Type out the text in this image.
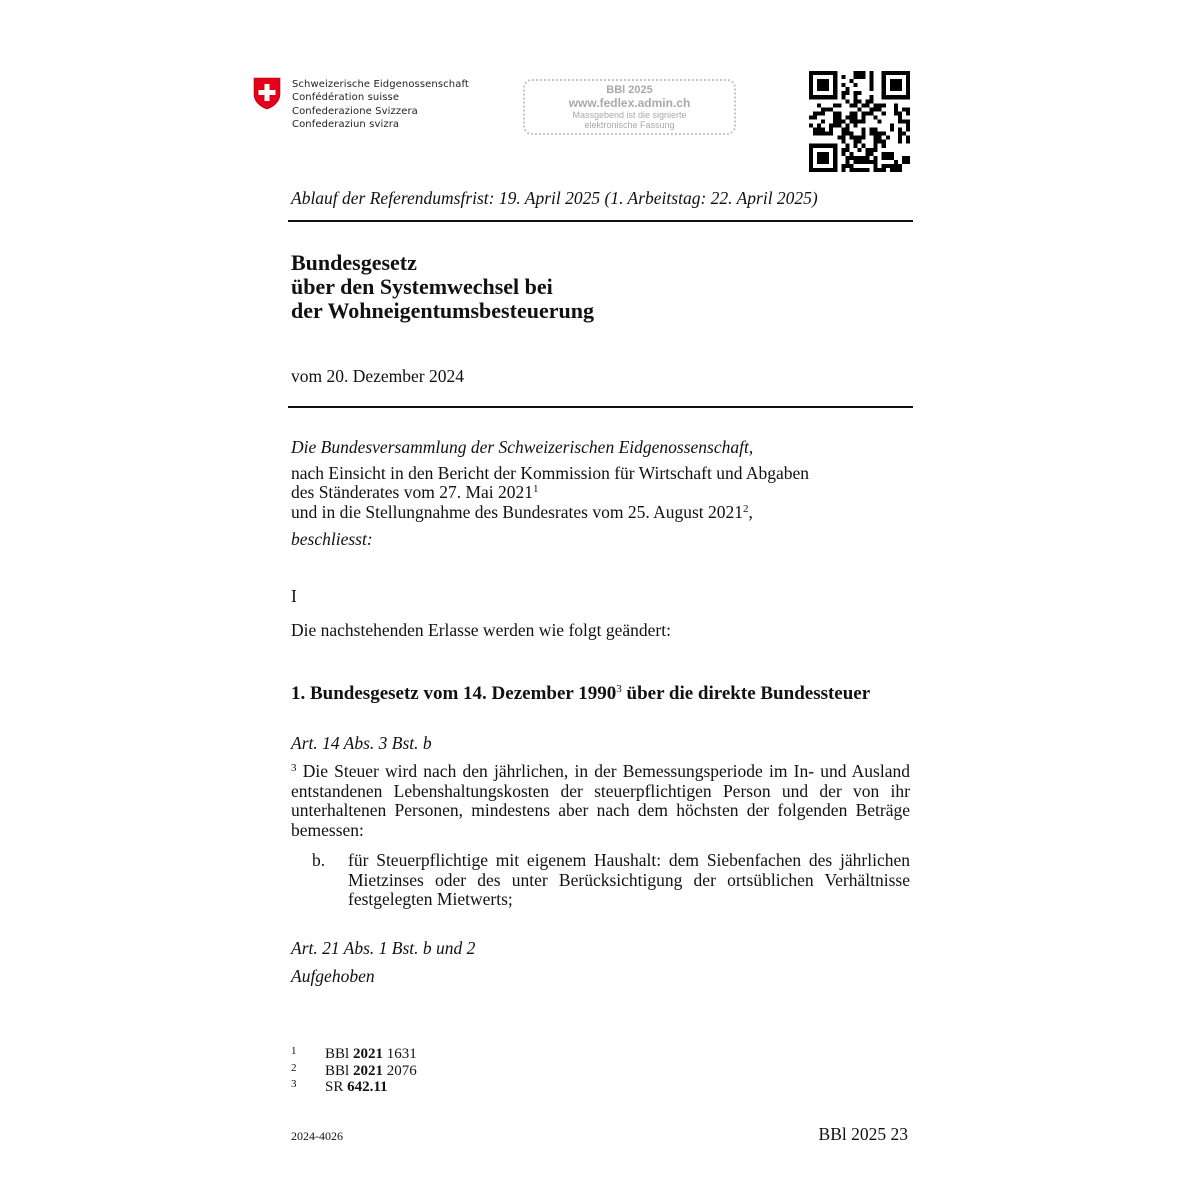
Schweizerische Eidgenossenschaft
Confédération suisse
Confederazione Svizzera
Confederaziun svizra
BBl 2025
www.fedlex.admin.ch
Massgebend ist die signierte
elektronische Fassung
Ablauf der Referendumsfrist: 19. April 2025 (1. Arbeitstag: 22. April 2025)
Bundesgesetz
über den Systemwechsel bei
der Wohneigentumsbesteuerung
vom 20. Dezember 2024
Die Bundesversammlung der Schweizerischen Eidgenossenschaft,
nach Einsicht in den Bericht der Kommission für Wirtschaft und Abgaben
des Ständerates vom 27. Mai 2021$^1$
und in die Stellungnahme des Bundesrates vom 25. August 2021$^2$,
beschliesst:
I
Die nachstehenden Erlasse werden wie folgt geändert:
1. Bundesgesetz vom 14. Dezember 1990$^3$ über die direkte Bundessteuer
Art. 14 Abs. 3 Bst. b
$^3$ Die Steuer wird nach den jährlichen, in der Bemessungsperiode im In- und Ausland entstandenen Lebenshaltungskosten der steuerpflichtigen Person und der von ihr unterhaltenen Personen, mindestens aber nach dem höchsten der folgenden Beträge bemessen:
b. für Steuerpflichtige mit eigenem Haushalt: dem Siebenfachen des jährlichen Mietzinses oder des unter Berücksichtigung der ortsüblichen Verhältnisse festgelegten Mietwerts;
Art. 21 Abs. 1 Bst. b und 2
Aufgehoben
1 BBl 2021 1631
2 BBl 2021 2076
3 SR 642.11
2024-4026	BBl 2025 23
